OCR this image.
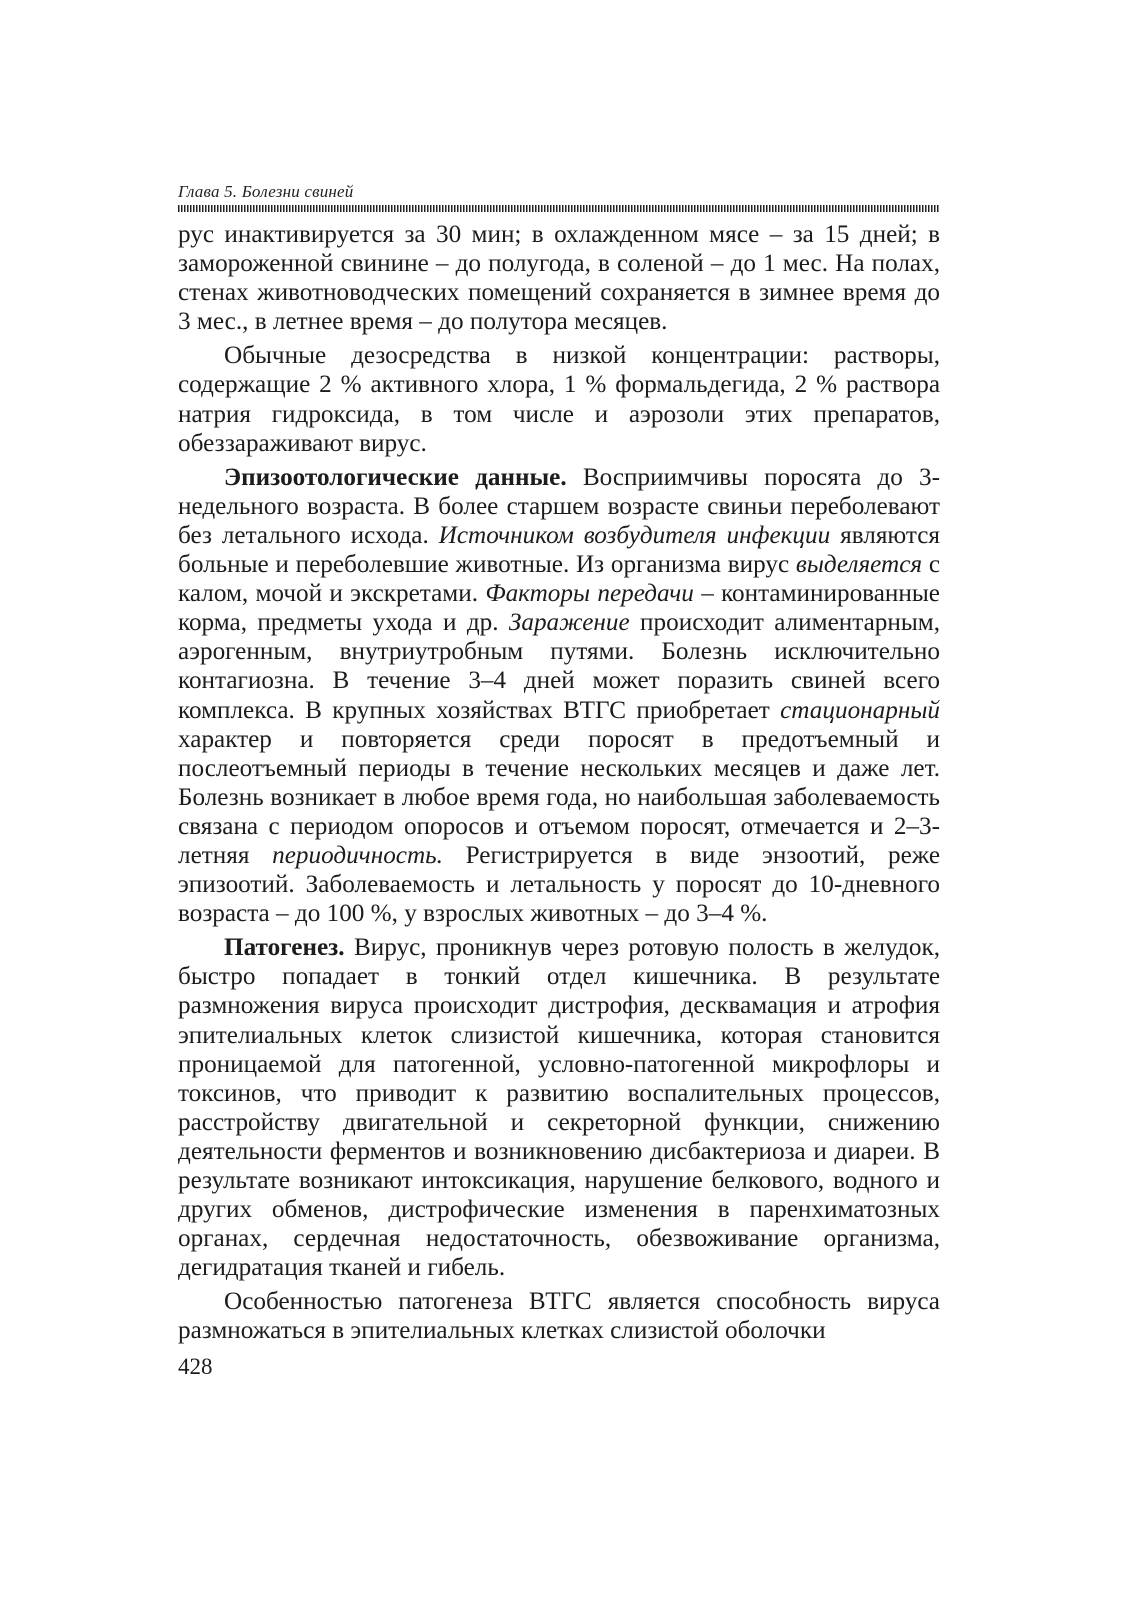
Глава 5. Болезни свиней

рус инактивируется за 30 мин; в охлажденном мясе – за 15 дней; в замороженной свинине – до полугода, в соленой – до 1 мес. На полах, стенах животноводческих помещений сохраняется в зимнее время до 3 мес., в летнее время – до полутора месяцев.

Обычные дезосредства в низкой концентрации: растворы, содержащие 2 % активного хлора, 1 % формальдегида, 2 % раствора натрия гидроксида, в том числе и аэрозоли этих препаратов, обеззараживают вирус.

Эпизоотологические данные. Восприимчивы поросята до 3-недельного возраста. В более старшем возрасте свиньи переболевают без летального исхода. Источником возбудителя инфекции являются больные и переболевшие животные. Из организма вирус выделяется с калом, мочой и экскретами. Факторы передачи – контаминированные корма, предметы ухода и др. Заражение происходит алиментарным, аэрогенным, внутриутробным путями. Болезнь исключительно контагиозна. В течение 3–4 дней может поразить свиней всего комплекса. В крупных хозяйствах ВТГС приобретает стационарный характер и повторяется среди поросят в предотъемный и послеотъемный периоды в течение нескольких месяцев и даже лет. Болезнь возникает в любое время года, но наибольшая заболеваемость связана с периодом опоросов и отъемом поросят, отмечается и 2–3-летняя периодичность. Регистрируется в виде энзоотий, реже эпизоотий. Заболеваемость и летальность у поросят до 10-дневного возраста – до 100 %, у взрослых животных – до 3–4 %.

Патогенез. Вирус, проникнув через ротовую полость в желудок, быстро попадает в тонкий отдел кишечника. В результате размножения вируса происходит дистрофия, десквамация и атрофия эпителиальных клеток слизистой кишечника, которая становится проницаемой для патогенной, условно-патогенной микрофлоры и токсинов, что приводит к развитию воспалительных процессов, расстройству двигательной и секреторной функции, снижению деятельности ферментов и возникновению дисбактериоза и диареи. В результате возникают интоксикация, нарушение белкового, водного и других обменов, дистрофические изменения в паренхиматозных органах, сердечная недостаточность, обезвоживание организма, дегидратация тканей и гибель.

Особенностью патогенеза ВТГС является способность вируса размножаться в эпителиальных клетках слизистой оболочки

428
